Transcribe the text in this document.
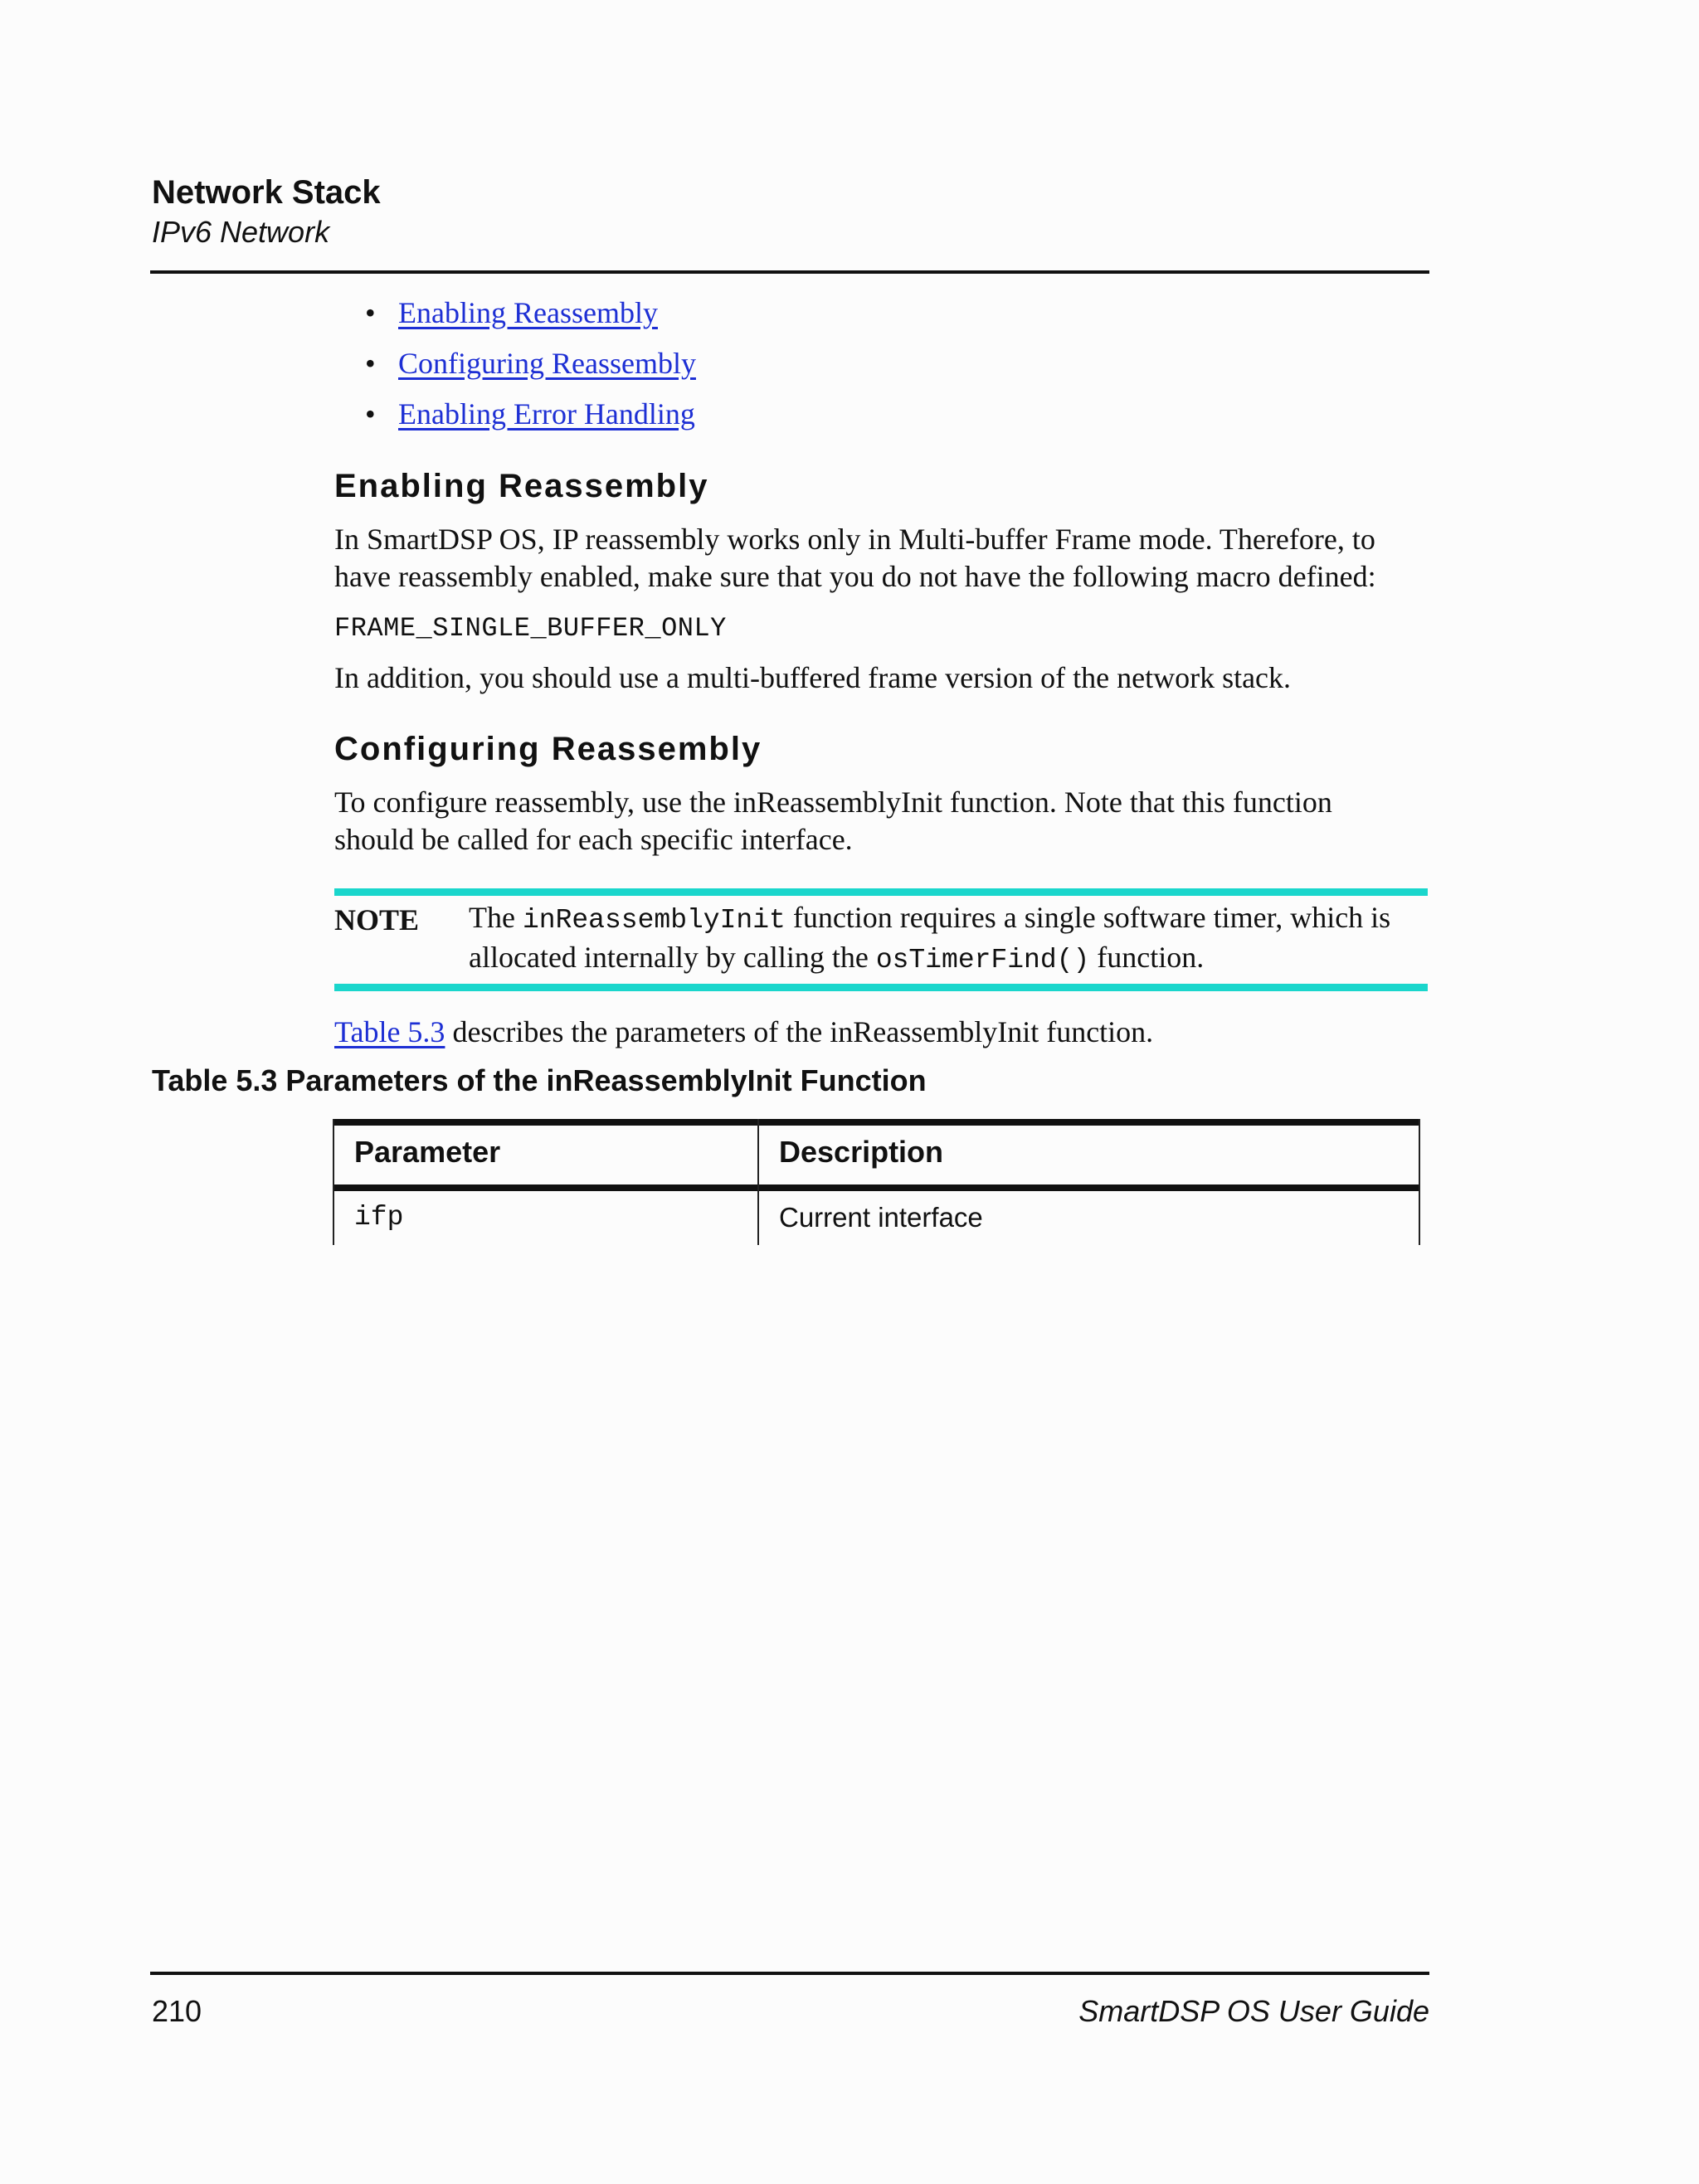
Network Stack
IPv6 Network
• Enabling Reassembly
• Configuring Reassembly
• Enabling Error Handling
Enabling Reassembly
In SmartDSP OS, IP reassembly works only in Multi-buffer Frame mode. Therefore, to
have reassembly enabled, make sure that you do not have the following macro defined:
FRAME_SINGLE_BUFFER_ONLY
In addition, you should use a multi-buffered frame version of the network stack.
Configuring Reassembly
To configure reassembly, use the inReassemblyInit function. Note that this function
should be called for each specific interface.
NOTE The inReassemblyInit function requires a single software timer, which is
allocated internally by calling the osTimerFind() function.
Table 5.3 describes the parameters of the inReassemblyInit function.
Table 5.3 Parameters of the inReassemblyInit Function
Parameter	Description
ifp	Current interface
210	SmartDSP OS User Guide
